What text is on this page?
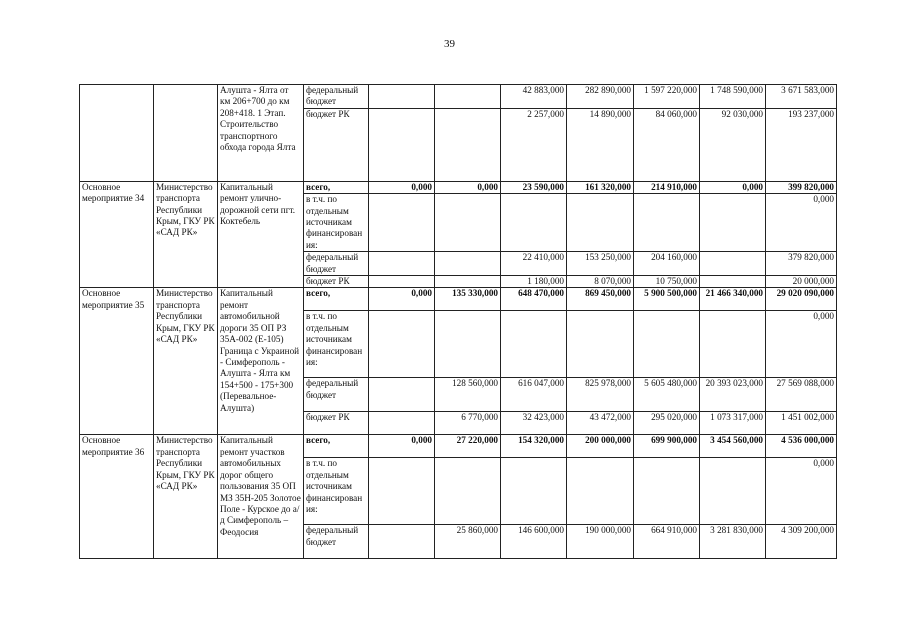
39
		Алушта - Ялта от км 206+700 до км 208+418. 1 Этап. Строительство транспортного обхода города Ялта	федеральный бюджет			42 883,000	282 890,000	1 597 220,000	1 748 590,000	3 671 583,000
			бюджет РК			2 257,000	14 890,000	84 060,000	92 030,000	193 237,000
Основное мероприятие 34	Министерство транспорта Республики Крым, ГКУ РК «САД РК»	Капитальный ремонт улично-дорожной сети пгт. Коктебель	всего,	0,000	0,000	23 590,000	161 320,000	214 910,000	0,000	399 820,000
			в т.ч. по отдельным источникам финансирования:							0,000
			федеральный бюджет			22 410,000	153 250,000	204 160,000		379 820,000
			бюджет РК			1 180,000	8 070,000	10 750,000		20 000,000
Основное мероприятие 35	Министерство транспорта Республики Крым, ГКУ РК «САД РК»	Капитальный ремонт автомобильной дороги 35 ОП РЗ 35А-002 (Е-105) Граница с Украиной - Симферополь - Алушта - Ялта км 154+500 - 175+300 (Перевальное-Алушта)	всего,	0,000	135 330,000	648 470,000	869 450,000	5 900 500,000	21 466 340,000	29 020 090,000
			в т.ч. по отдельным источникам финансирования:							0,000
			федеральный бюджет		128 560,000	616 047,000	825 978,000	5 605 480,000	20 393 023,000	27 569 088,000
			бюджет РК		6 770,000	32 423,000	43 472,000	295 020,000	1 073 317,000	1 451 002,000
Основное мероприятие 36	Министерство транспорта Республики Крым, ГКУ РК «САД РК»	Капитальный ремонт участков автомобильных дорог общего пользования 35 ОП МЗ 35Н-205 Золотое Поле - Курское до а/д Симферополь – Феодосия	всего,	0,000	27 220,000	154 320,000	200 000,000	699 900,000	3 454 560,000	4 536 000,000
			в т.ч. по отдельным источникам финансирования:							0,000
			федеральный бюджет		25 860,000	146 600,000	190 000,000	664 910,000	3 281 830,000	4 309 200,000
